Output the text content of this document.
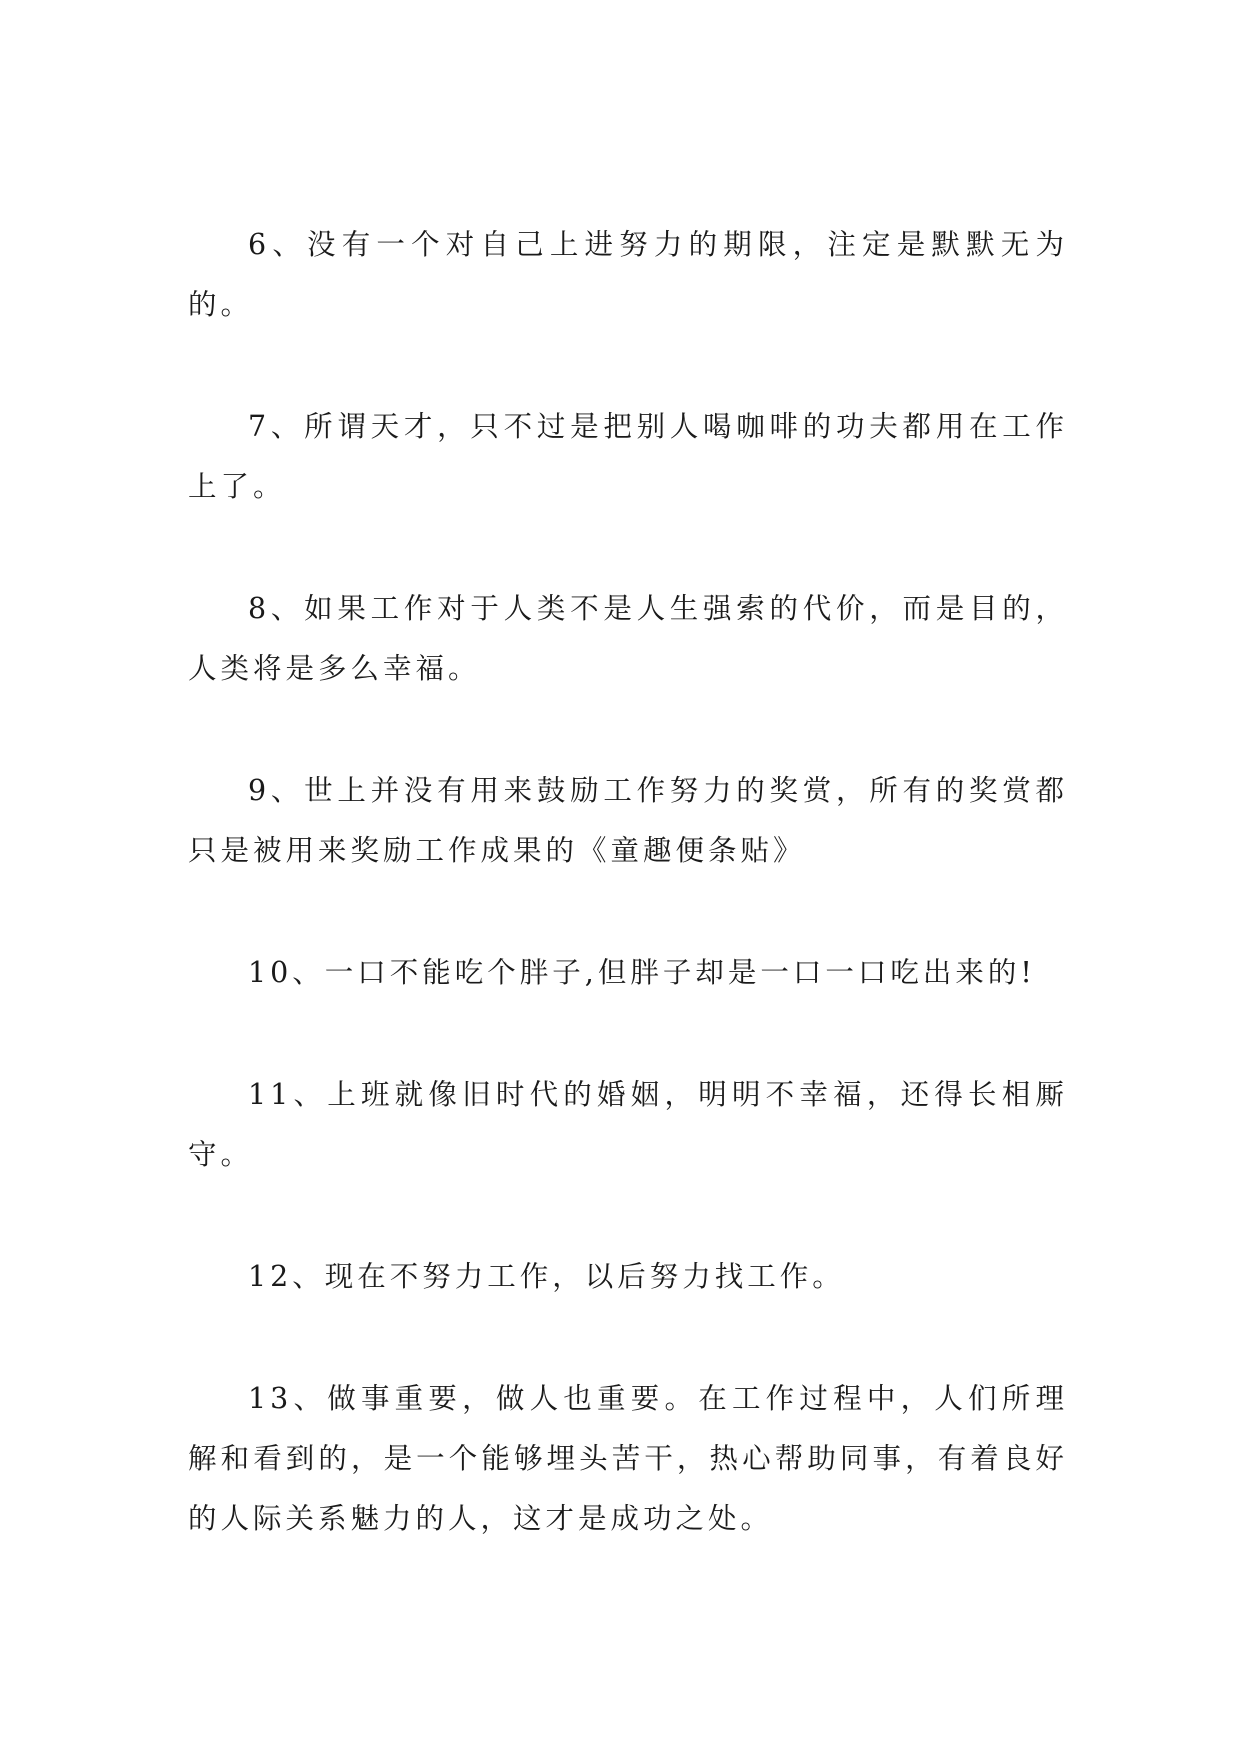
6、没有一个对自己上进努力的期限，注定是默默无为的。

7、所谓天才，只不过是把别人喝咖啡的功夫都用在工作上了。

8、如果工作对于人类不是人生强索的代价，而是目的，人类将是多么幸福。

9、世上并没有用来鼓励工作努力的奖赏，所有的奖赏都只是被用来奖励工作成果的《童趣便条贴》

10、一口不能吃个胖子,但胖子却是一口一口吃出来的!

11、上班就像旧时代的婚姻，明明不幸福，还得长相厮守。

12、现在不努力工作，以后努力找工作。

13、做事重要，做人也重要。在工作过程中，人们所理解和看到的，是一个能够埋头苦干，热心帮助同事，有着良好的人际关系魅力的人，这才是成功之处。
